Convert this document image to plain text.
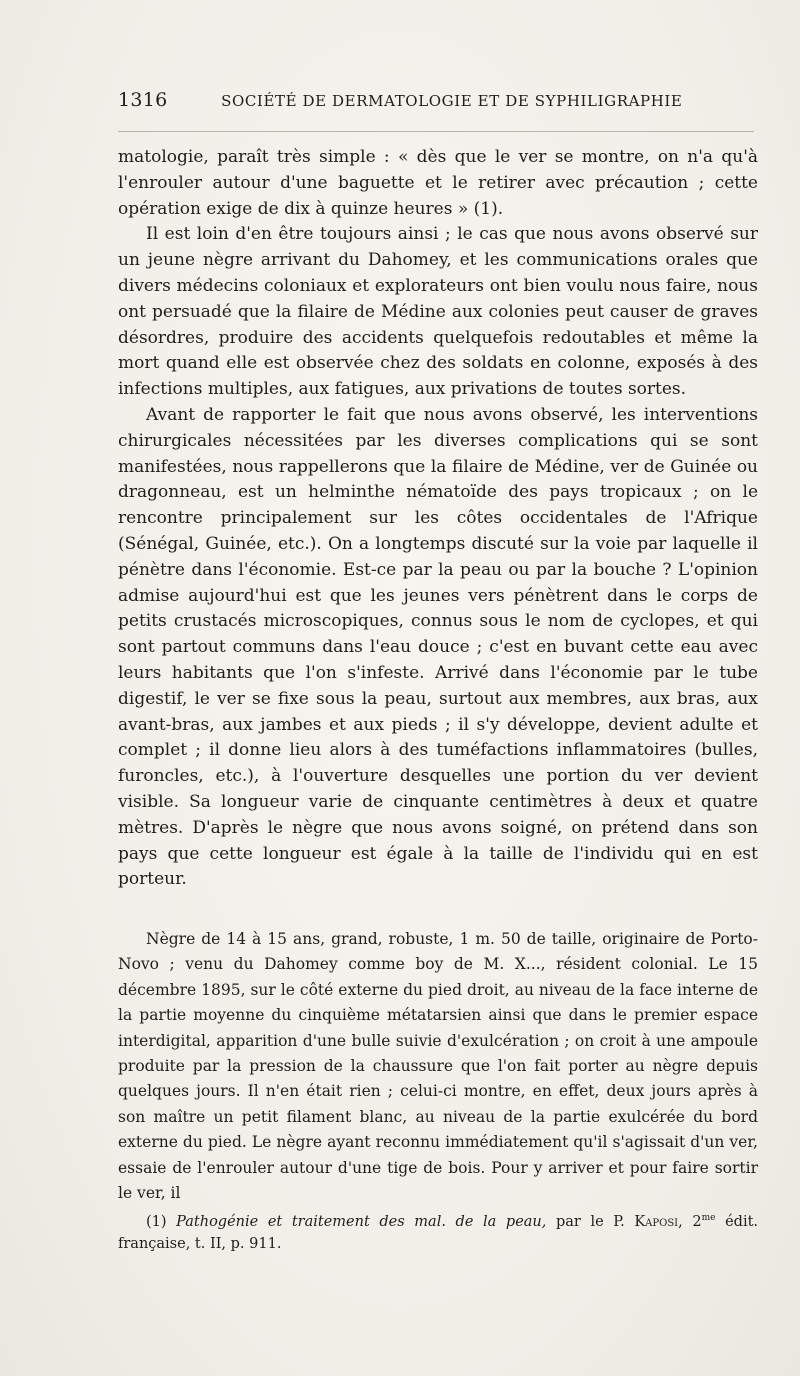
1316	SOCIÉTÉ DE DERMATOLOGIE ET DE SYPHILIGRAPHIE

matologie, paraît très simple : « dès que le ver se montre, on n'a qu'à l'enrouler autour d'une baguette et le retirer avec précaution ; cette opération exige de dix à quinze heures » (1).

Il est loin d'en être toujours ainsi ; le cas que nous avons observé sur un jeune nègre arrivant du Dahomey, et les communications orales que divers médecins coloniaux et explorateurs ont bien voulu nous faire, nous ont persuadé que la filaire de Médine aux colonies peut causer de graves désordres, produire des accidents quelquefois redoutables et même la mort quand elle est observée chez des soldats en colonne, exposés à des infections multiples, aux fatigues, aux privations de toutes sortes.

Avant de rapporter le fait que nous avons observé, les interventions chirurgicales nécessitées par les diverses complications qui se sont manifestées, nous rappellerons que la filaire de Médine, ver de Guinée ou dragonneau, est un helminthe nématoïde des pays tropicaux ; on le rencontre principalement sur les côtes occidentales de l'Afrique (Sénégal, Guinée, etc.). On a longtemps discuté sur la voie par laquelle il pénètre dans l'économie. Est-ce par la peau ou par la bouche ? L'opinion admise aujourd'hui est que les jeunes vers pénètrent dans le corps de petits crustacés microscopiques, connus sous le nom de cyclopes, et qui sont partout communs dans l'eau douce ; c'est en buvant cette eau avec leurs habitants que l'on s'infeste. Arrivé dans l'économie par le tube digestif, le ver se fixe sous la peau, surtout aux membres, aux bras, aux avant-bras, aux jambes et aux pieds ; il s'y développe, devient adulte et complet ; il donne lieu alors à des tuméfactions inflammatoires (bulles, furoncles, etc.), à l'ouverture desquelles une portion du ver devient visible. Sa longueur varie de cinquante centimètres à deux et quatre mètres. D'après le nègre que nous avons soigné, on prétend dans son pays que cette longueur est égale à la taille de l'individu qui en est porteur.

Nègre de 14 à 15 ans, grand, robuste, 1 m. 50 de taille, originaire de Porto-Novo ; venu du Dahomey comme boy de M. X..., résident colonial. Le 15 décembre 1895, sur le côté externe du pied droit, au niveau de la face interne de la partie moyenne du cinquième métatarsien ainsi que dans le premier espace interdigital, apparition d'une bulle suivie d'exulcération ; on croit à une ampoule produite par la pression de la chaussure que l'on fait porter au nègre depuis quelques jours. Il n'en était rien ; celui-ci montre, en effet, deux jours après à son maître un petit filament blanc, au niveau de la partie exulcérée du bord externe du pied. Le nègre ayant reconnu immédiatement qu'il s'agissait d'un ver, essaie de l'enrouler autour d'une tige de bois. Pour y arriver et pour faire sortir le ver, il

(1) Pathogénie et traitement des mal. de la peau, par le P. Kaposi, $2^{me}$ édit. française, t. II, p. 911.
